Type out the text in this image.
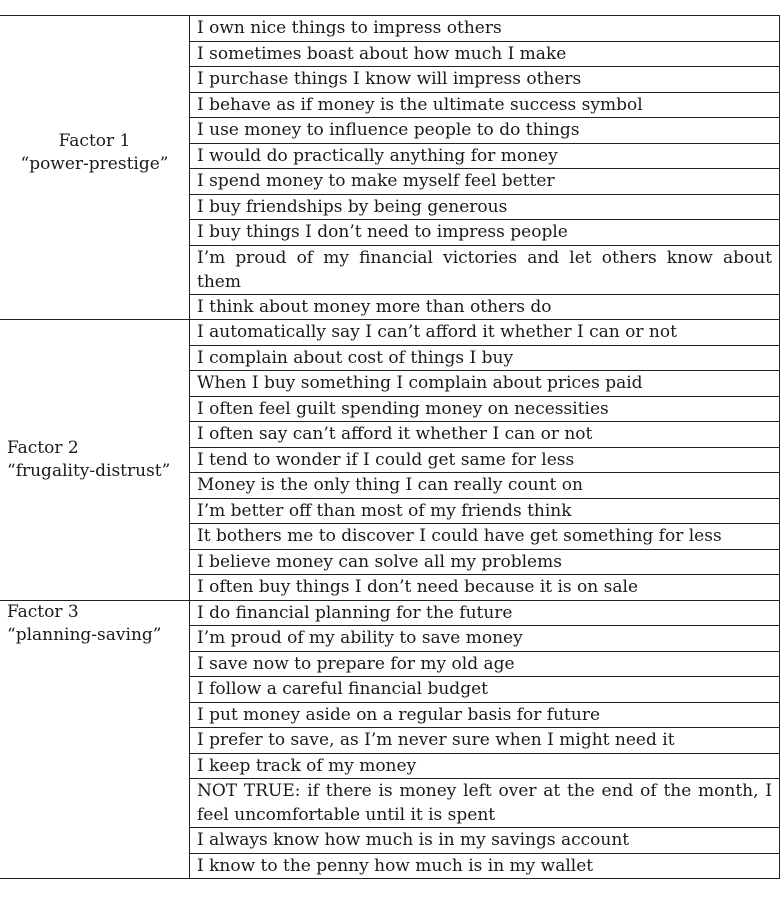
Factor 1
“power-prestige”	I own nice things to impress others
	I sometimes boast about how much I make
	I purchase things I know will impress others
	I behave as if money is the ultimate success symbol
	I use money to influence people to do things
	I would do practically anything for money
	I spend money to make myself feel better
	I buy friendships by being generous
	I buy things I don’t need to impress people
	I’m proud of my financial victories and let others know about them
	I think about money more than others do

Factor 2
“frugality-distrust”	I automatically say I can’t afford it whether I can or not
	I complain about cost of things I buy
	When I buy something I complain about prices paid
	I often feel guilt spending money on necessities
	I often say can’t afford it whether I can or not
	I tend to wonder if I could get same for less
	Money is the only thing I can really count on
	I’m better off than most of my friends think
	It bothers me to discover I could have get something for less
	I believe money can solve all my problems
	I often buy things I don’t need because it is on sale

Factor 3
“planning-saving”	I do financial planning for the future
	I’m proud of my ability to save money
	I save now to prepare for my old age
	I follow a careful financial budget
	I put money aside on a regular basis for future
	I prefer to save, as I’m never sure when I might need it
	I keep track of my money
	NOT TRUE: if there is money left over at the end of the month, I feel uncomfortable until it is spent
	I always know how much is in my savings account
	I know to the penny how much is in my wallet
